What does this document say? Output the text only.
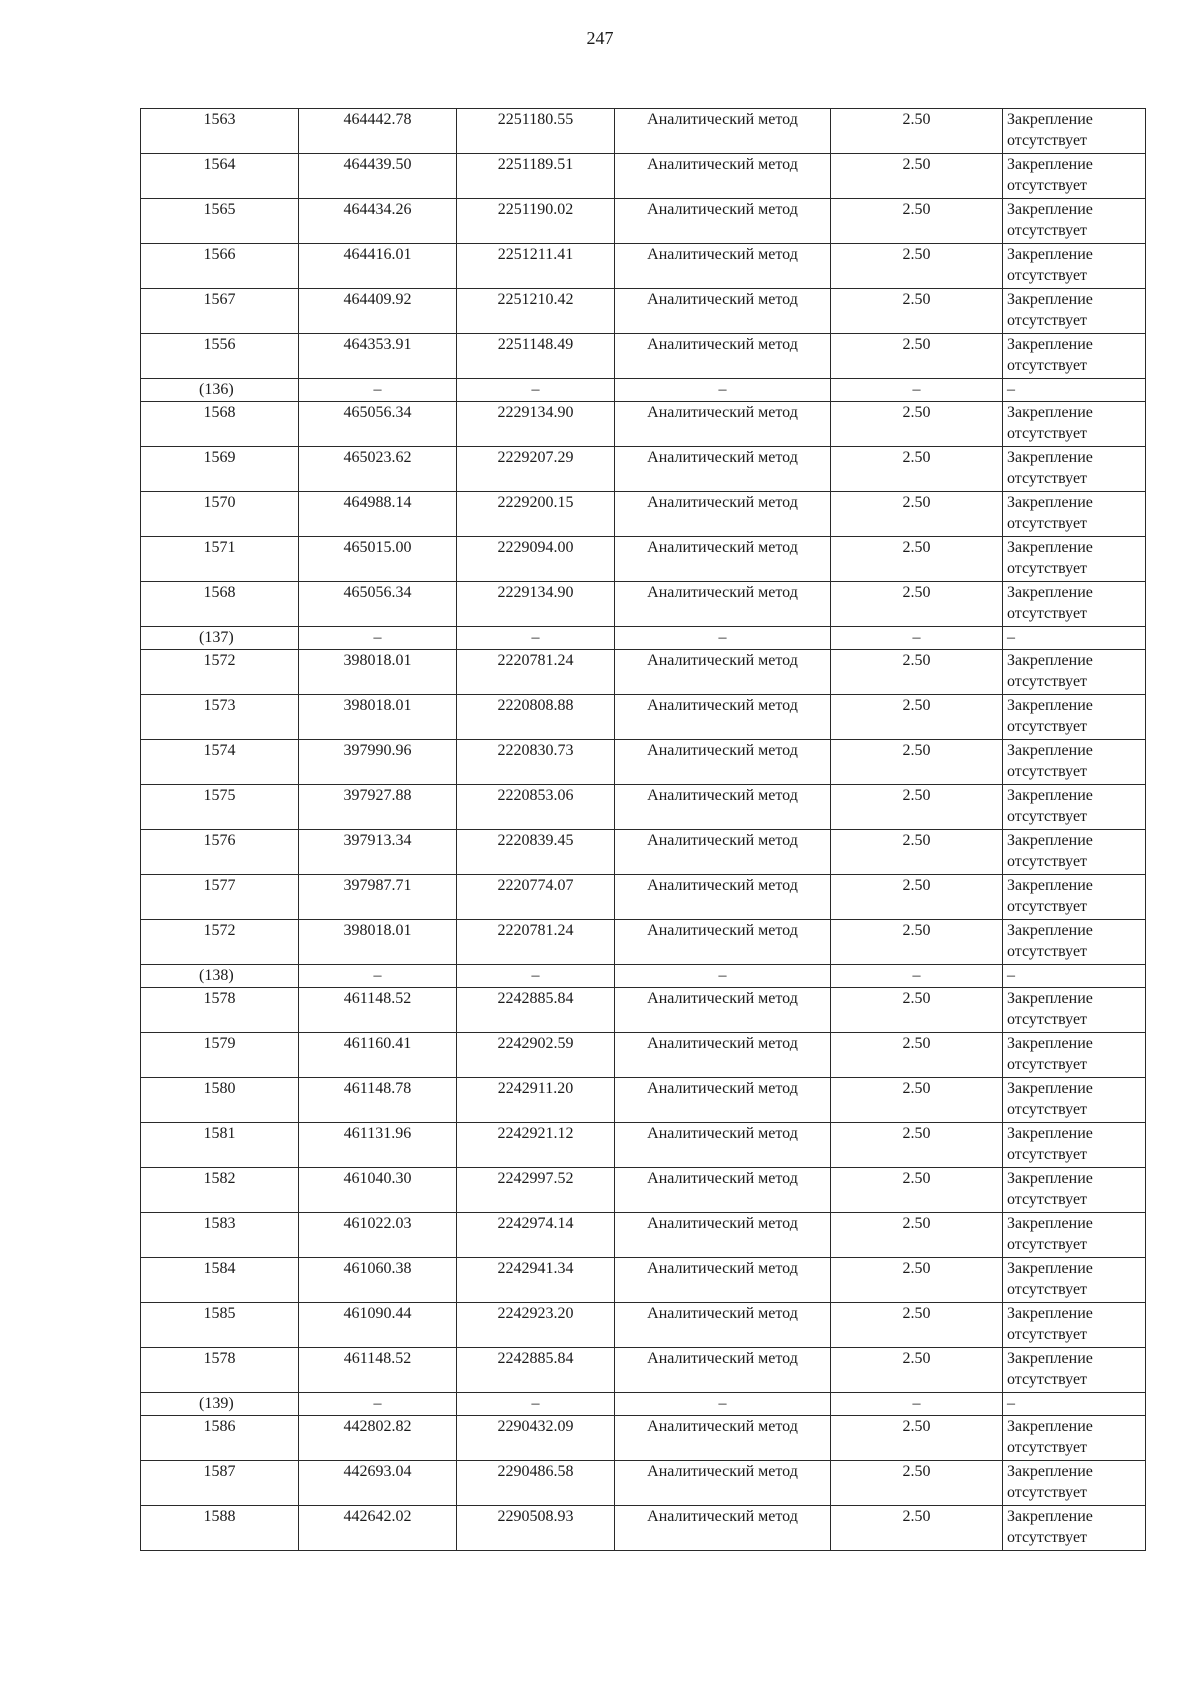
247
1563	464442.78	2251180.55	Аналитический метод	2.50	Закрепление отсутствует
1564	464439.50	2251189.51	Аналитический метод	2.50	Закрепление отсутствует
1565	464434.26	2251190.02	Аналитический метод	2.50	Закрепление отсутствует
1566	464416.01	2251211.41	Аналитический метод	2.50	Закрепление отсутствует
1567	464409.92	2251210.42	Аналитический метод	2.50	Закрепление отсутствует
1556	464353.91	2251148.49	Аналитический метод	2.50	Закрепление отсутствует
(136)	–	–	–	–	–
1568	465056.34	2229134.90	Аналитический метод	2.50	Закрепление отсутствует
1569	465023.62	2229207.29	Аналитический метод	2.50	Закрепление отсутствует
1570	464988.14	2229200.15	Аналитический метод	2.50	Закрепление отсутствует
1571	465015.00	2229094.00	Аналитический метод	2.50	Закрепление отсутствует
1568	465056.34	2229134.90	Аналитический метод	2.50	Закрепление отсутствует
(137)	–	–	–	–	–
1572	398018.01	2220781.24	Аналитический метод	2.50	Закрепление отсутствует
1573	398018.01	2220808.88	Аналитический метод	2.50	Закрепление отсутствует
1574	397990.96	2220830.73	Аналитический метод	2.50	Закрепление отсутствует
1575	397927.88	2220853.06	Аналитический метод	2.50	Закрепление отсутствует
1576	397913.34	2220839.45	Аналитический метод	2.50	Закрепление отсутствует
1577	397987.71	2220774.07	Аналитический метод	2.50	Закрепление отсутствует
1572	398018.01	2220781.24	Аналитический метод	2.50	Закрепление отсутствует
(138)	–	–	–	–	–
1578	461148.52	2242885.84	Аналитический метод	2.50	Закрепление отсутствует
1579	461160.41	2242902.59	Аналитический метод	2.50	Закрепление отсутствует
1580	461148.78	2242911.20	Аналитический метод	2.50	Закрепление отсутствует
1581	461131.96	2242921.12	Аналитический метод	2.50	Закрепление отсутствует
1582	461040.30	2242997.52	Аналитический метод	2.50	Закрепление отсутствует
1583	461022.03	2242974.14	Аналитический метод	2.50	Закрепление отсутствует
1584	461060.38	2242941.34	Аналитический метод	2.50	Закрепление отсутствует
1585	461090.44	2242923.20	Аналитический метод	2.50	Закрепление отсутствует
1578	461148.52	2242885.84	Аналитический метод	2.50	Закрепление отсутствует
(139)	–	–	–	–	–
1586	442802.82	2290432.09	Аналитический метод	2.50	Закрепление отсутствует
1587	442693.04	2290486.58	Аналитический метод	2.50	Закрепление отсутствует
1588	442642.02	2290508.93	Аналитический метод	2.50	Закрепление отсутствует
